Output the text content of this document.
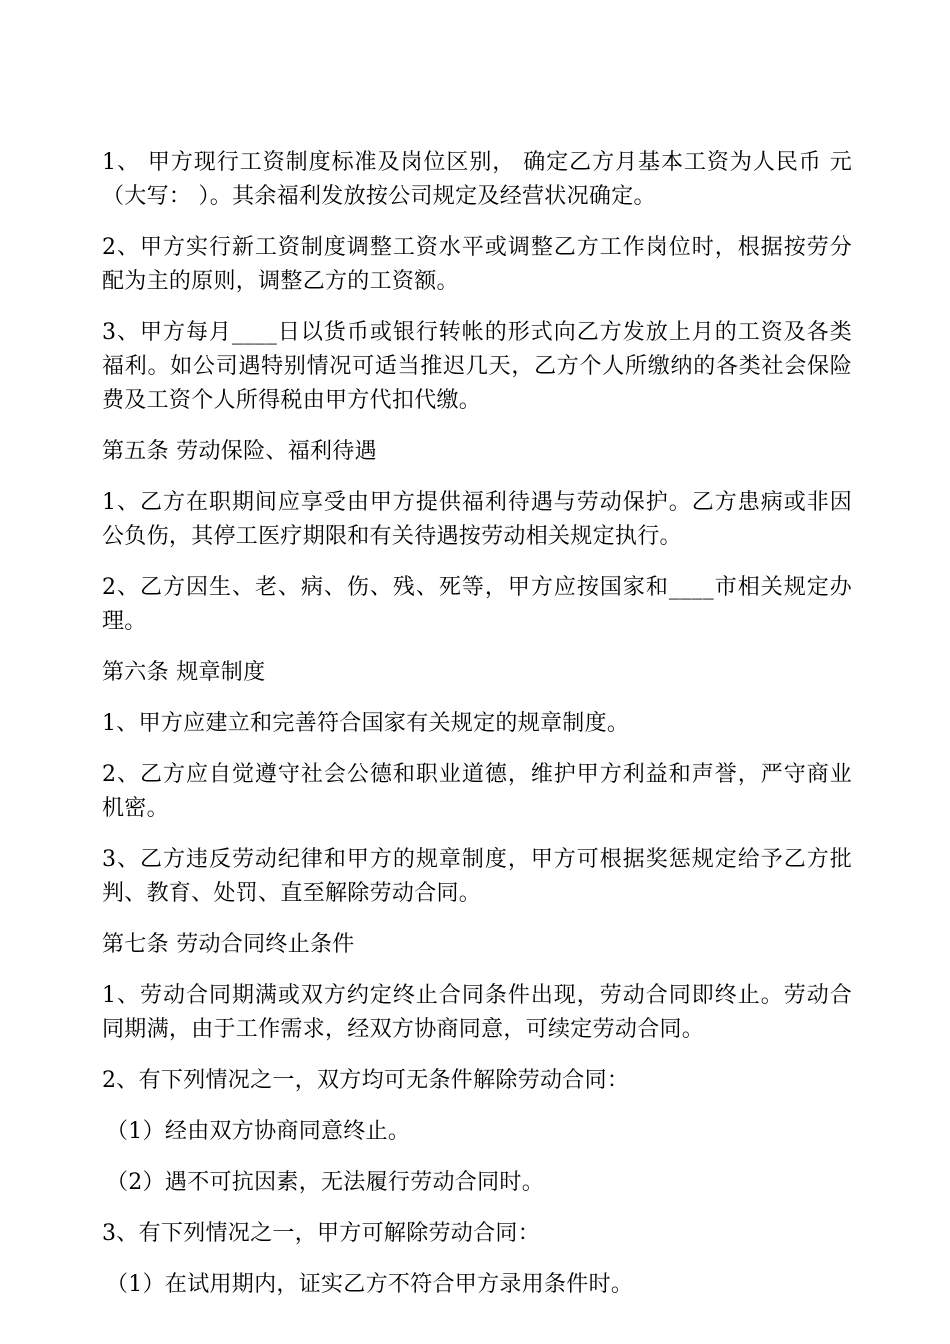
1、 甲方现行工资制度标准及岗位区别， 确定乙方月基本工资为人民币 元（大写： ）。其余福利发放按公司规定及经营状况确定。

2、甲方实行新工资制度调整工资水平或调整乙方工作岗位时，根据按劳分配为主的原则，调整乙方的工资额。

3、甲方每月____日以货币或银行转帐的形式向乙方发放上月的工资及各类福利。如公司遇特别情况可适当推迟几天，乙方个人所缴纳的各类社会保险费及工资个人所得税由甲方代扣代缴。

第五条 劳动保险、福利待遇

1、乙方在职期间应享受由甲方提供福利待遇与劳动保护。乙方患病或非因公负伤，其停工医疗期限和有关待遇按劳动相关规定执行。

2、乙方因生、老、病、伤、残、死等，甲方应按国家和____市相关规定办理。

第六条 规章制度

1、甲方应建立和完善符合国家有关规定的规章制度。

2、乙方应自觉遵守社会公德和职业道德，维护甲方利益和声誉，严守商业机密。

3、乙方违反劳动纪律和甲方的规章制度，甲方可根据奖惩规定给予乙方批判、教育、处罚、直至解除劳动合同。

第七条 劳动合同终止条件

1、劳动合同期满或双方约定终止合同条件出现，劳动合同即终止。劳动合同期满，由于工作需求，经双方协商同意，可续定劳动合同。

2、有下列情况之一，双方均可无条件解除劳动合同：

（1）经由双方协商同意终止。

（2）遇不可抗因素，无法履行劳动合同时。

3、有下列情况之一，甲方可解除劳动合同：

（1）在试用期内，证实乙方不符合甲方录用条件时。
